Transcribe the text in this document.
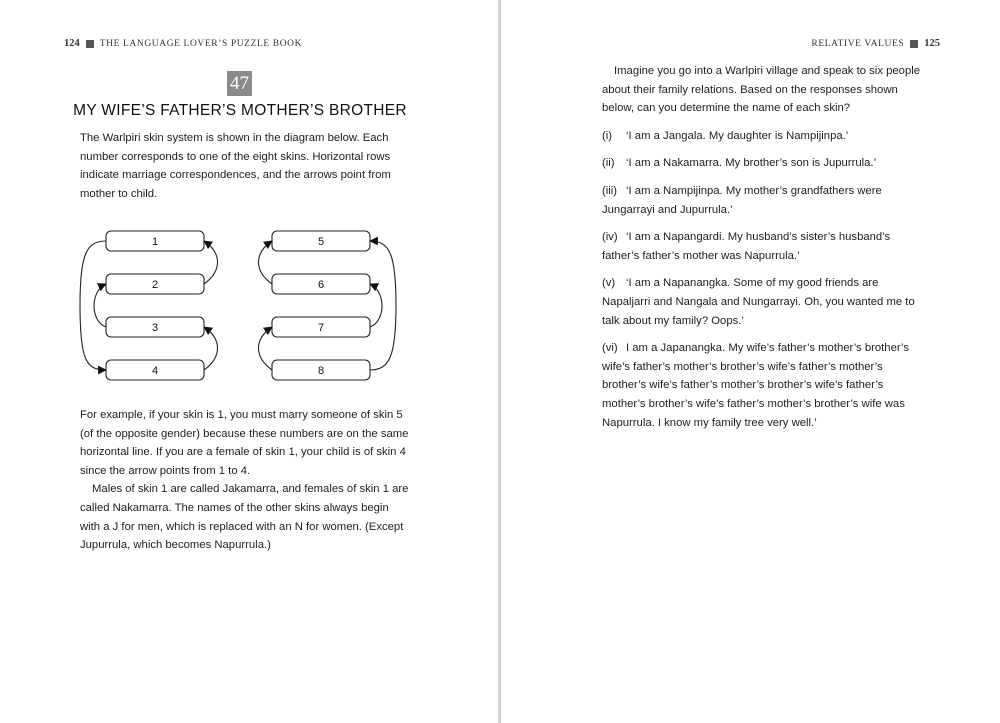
124 THE LANGUAGE LOVER’S PUZZLE BOOK
47
MY WIFE’S FATHER’S MOTHER’S BROTHER
The Warlpiri skin system is shown in the diagram below. Each number corresponds to one of the eight skins. Horizontal rows indicate marriage correspondences, and the arrows point from mother to child.
1
2
3
4
5
6
7
8

For example, if your skin is 1, you must marry someone of skin 5 (of the opposite gender) because these numbers are on the same horizontal line. If you are a female of skin 1, your child is of skin 4 since the arrow points from 1 to 4.

Males of skin 1 are called Jakamarra, and females of skin 1 are called Nakamarra. The names of the other skins always begin with a J for men, which is replaced with an N for women. (Except Jupurrula, which becomes Napurrula.)

RELATIVE VALUES 125

Imagine you go into a Warlpiri village and speak to six people about their family relations. Based on the responses shown below, can you determine the name of each skin?

(i) ‘I am a Jangala. My daughter is Nampijinpa.’

(ii) ‘I am a Nakamarra. My brother’s son is Jupurrula.’

(iii) ‘I am a Nampijinpa. My mother’s grandfathers were Jungarrayi and Jupurrula.’

(iv) ‘I am a Napangardi. My husband’s sister’s husband’s father’s father’s mother was Napurrula.’

(v) ‘I am a Napanangka. Some of my good friends are Napaljarri and Nangala and Nungarrayi. Oh, you wanted me to talk about my family? Oops.’

(vi) I am a Japanangka. My wife’s father’s mother’s brother’s wife’s father’s mother’s brother’s wife’s father’s mother’s brother’s wife’s father’s mother’s brother’s wife’s father’s mother’s brother’s wife’s father’s mother’s brother’s wife was Napurrula. I know my family tree very well.’
